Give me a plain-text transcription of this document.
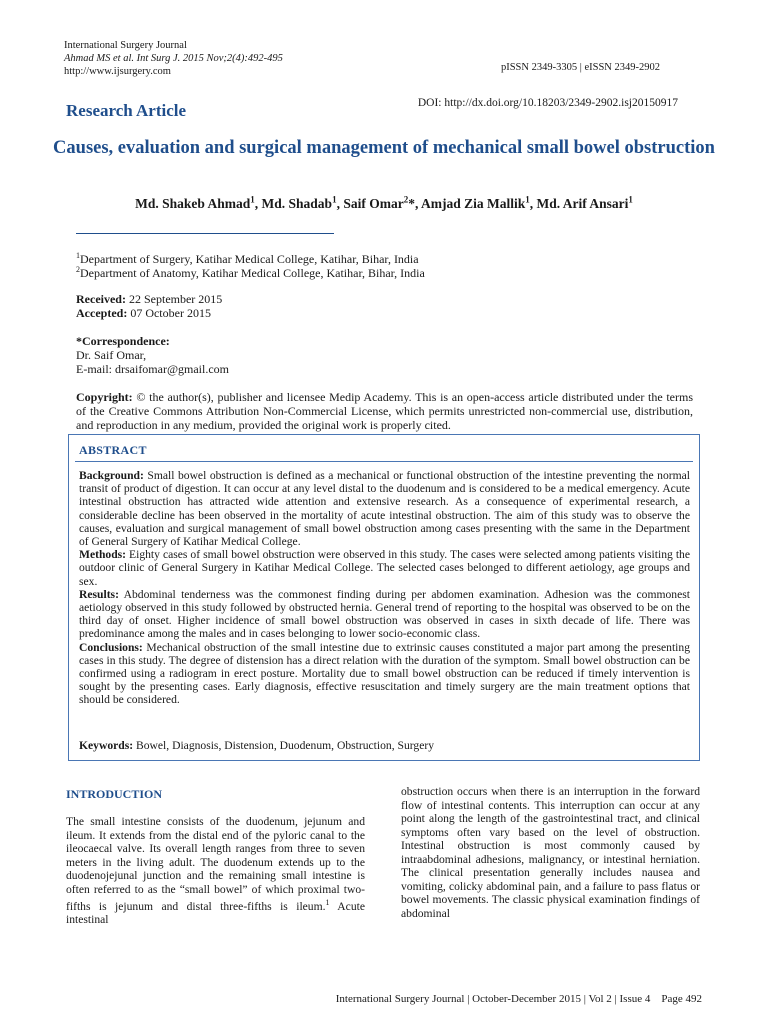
International Surgery Journal
Ahmad MS et al. Int Surg J. 2015 Nov;2(4):492-495
http://www.ijsurgery.com	pISSN 2349-3305 | eISSN 2349-2902
Research Article	DOI: http://dx.doi.org/10.18203/2349-2902.isj20150917
Causes, evaluation and surgical management of mechanical small bowel obstruction
Md. Shakeb Ahmad$^1$, Md. Shadab$^1$, Saif Omar$^2$*, Amjad Zia Mallik$^1$, Md. Arif Ansari$^1$
$^1$Department of Surgery, Katihar Medical College, Katihar, Bihar, India
$^2$Department of Anatomy, Katihar Medical College, Katihar, Bihar, India
Received: 22 September 2015
Accepted: 07 October 2015
*Correspondence:
Dr. Saif Omar,
E-mail: drsaifomar@gmail.com
Copyright: © the author(s), publisher and licensee Medip Academy. This is an open-access article distributed under the terms of the Creative Commons Attribution Non-Commercial License, which permits unrestricted non-commercial use, distribution, and reproduction in any medium, provided the original work is properly cited.
ABSTRACT

Background: Small bowel obstruction is defined as a mechanical or functional obstruction of the intestine preventing the normal transit of product of digestion. It can occur at any level distal to the duodenum and is considered to be a medical emergency. Acute intestinal obstruction has attracted wide attention and extensive research. As a consequence of experimental research, a considerable decline has been observed in the mortality of acute intestinal obstruction. The aim of this study was to observe the causes, evaluation and surgical management of small bowel obstruction among cases presenting with the same in the Department of General Surgery of Katihar Medical College.

Methods: Eighty cases of small bowel obstruction were observed in this study. The cases were selected among patients visiting the outdoor clinic of General Surgery in Katihar Medical College. The selected cases belonged to different aetiology, age groups and sex.

Results: Abdominal tenderness was the commonest finding during per abdomen examination. Adhesion was the commonest aetiology observed in this study followed by obstructed hernia. General trend of reporting to the hospital was observed to be on the third day of onset. Higher incidence of small bowel obstruction was observed in cases in sixth decade of life. There was predominance among the males and in cases belonging to lower socio-economic class.

Conclusions: Mechanical obstruction of the small intestine due to extrinsic causes constituted a major part among the presenting cases in this study. The degree of distension has a direct relation with the duration of the symptom. Small bowel obstruction can be confirmed using a radiogram in erect posture. Mortality due to small bowel obstruction can be reduced if timely intervention is sought by the presenting cases. Early diagnosis, effective resuscitation and timely surgery are the main treatment options that should be considered.

Keywords: Bowel, Diagnosis, Distension, Duodenum, Obstruction, Surgery
INTRODUCTION
The small intestine consists of the duodenum, jejunum and ileum. It extends from the distal end of the pyloric canal to the ileocaecal valve. Its overall length ranges from three to seven meters in the living adult. The duodenum extends up to the duodenojejunal junction and the remaining small intestine is often referred to as the “small bowel” of which proximal two-fifths is jejunum and distal three-fifths is ileum.$^1$ Acute intestinal
obstruction occurs when there is an interruption in the forward flow of intestinal contents. This interruption can occur at any point along the length of the gastrointestinal tract, and clinical symptoms often vary based on the level of obstruction. Intestinal obstruction is most commonly caused by intraabdominal adhesions, malignancy, or intestinal herniation. The clinical presentation generally includes nausea and vomiting, colicky abdominal pain, and a failure to pass flatus or bowel movements. The classic physical examination findings of abdominal
International Surgery Journal | October-December 2015 | Vol 2 | Issue 4    Page 492
